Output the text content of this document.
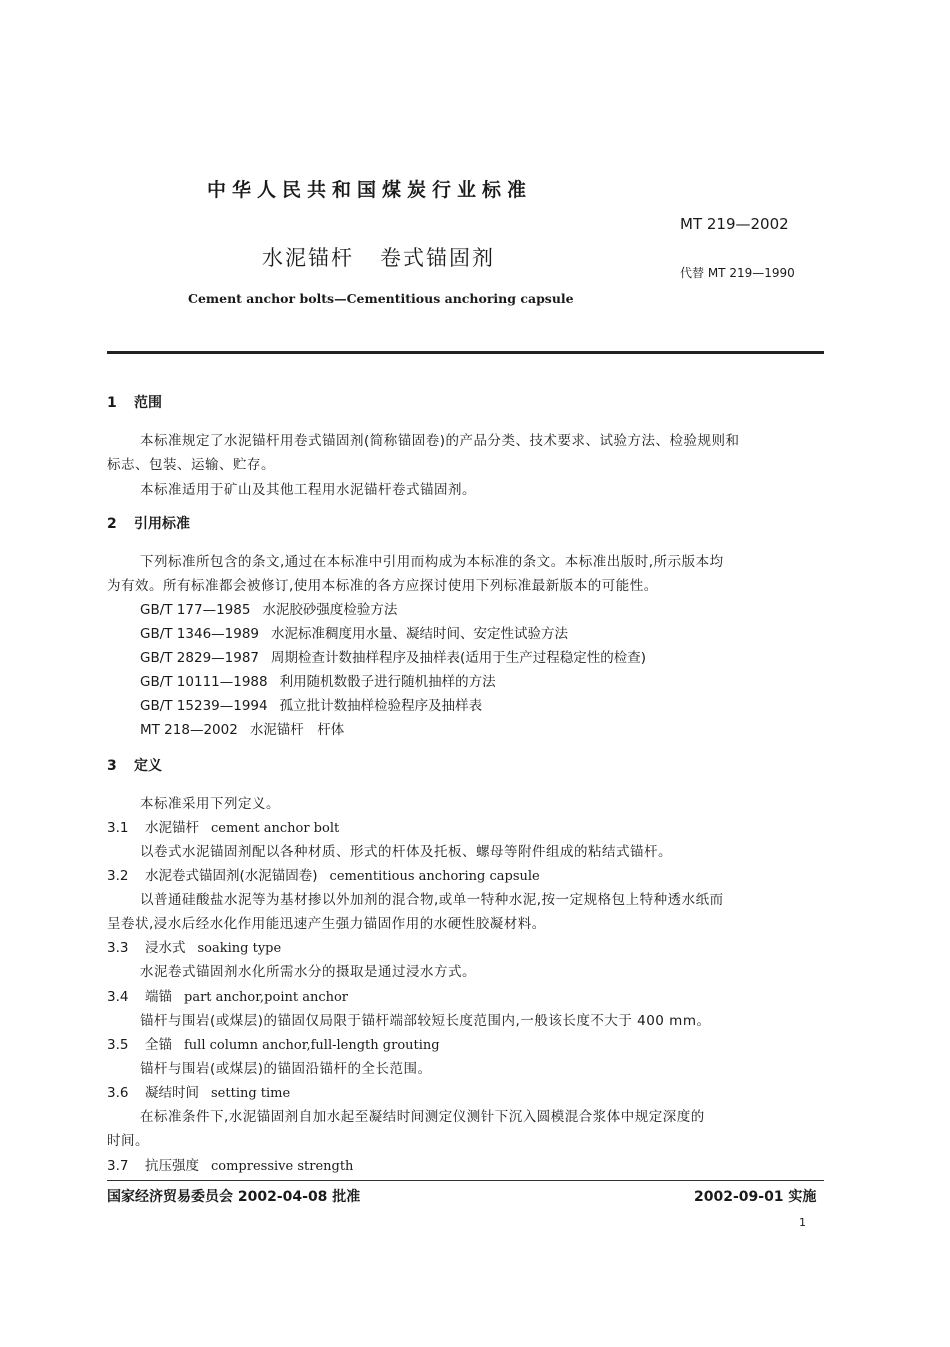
中华人民共和国煤炭行业标准
MT 219—2002
水泥锚杆 卷式锚固剂
代替 MT 219—1990
Cement anchor bolts—Cementitious anchoring capsule
1 范围
本标准规定了水泥锚杆用卷式锚固剂(简称锚固卷)的产品分类、技术要求、试验方法、检验规则和
标志、包装、运输、贮存。
本标准适用于矿山及其他工程用水泥锚杆卷式锚固剂。
2 引用标准
下列标准所包含的条文,通过在本标准中引用而构成为本标准的条文。本标准出版时,所示版本均
为有效。所有标准都会被修订,使用本标准的各方应探讨使用下列标准最新版本的可能性。
GB/T 177—1985 水泥胶砂强度检验方法
GB/T 1346—1989 水泥标准稠度用水量、凝结时间、安定性试验方法
GB/T 2829—1987 周期检查计数抽样程序及抽样表(适用于生产过程稳定性的检查)
GB/T 10111—1988 利用随机数骰子进行随机抽样的方法
GB/T 15239—1994 孤立批计数抽样检验程序及抽样表
MT 218—2002 水泥锚杆　杆体
3 定义
本标准采用下列定义。
3.1 水泥锚杆 cement anchor bolt
以卷式水泥锚固剂配以各种材质、形式的杆体及托板、螺母等附件组成的粘结式锚杆。
3.2 水泥卷式锚固剂(水泥锚固卷) cementitious anchoring capsule
以普通硅酸盐水泥等为基材掺以外加剂的混合物,或单一特种水泥,按一定规格包上特种透水纸而
呈卷状,浸水后经水化作用能迅速产生强力锚固作用的水硬性胶凝材料。
3.3 浸水式 soaking type
水泥卷式锚固剂水化所需水分的摄取是通过浸水方式。
3.4 端锚 part anchor,point anchor
锚杆与围岩(或煤层)的锚固仅局限于锚杆端部较短长度范围内,一般该长度不大于 400 mm。
3.5 全锚 full column anchor,full-length grouting
锚杆与围岩(或煤层)的锚固沿锚杆的全长范围。
3.6 凝结时间 setting time
在标准条件下,水泥锚固剂自加水起至凝结时间测定仪测针下沉入圆模混合浆体中规定深度的
时间。
3.7 抗压强度 compressive strength
国家经济贸易委员会 2002-04-08 批准	2002-09-01 实施
1
